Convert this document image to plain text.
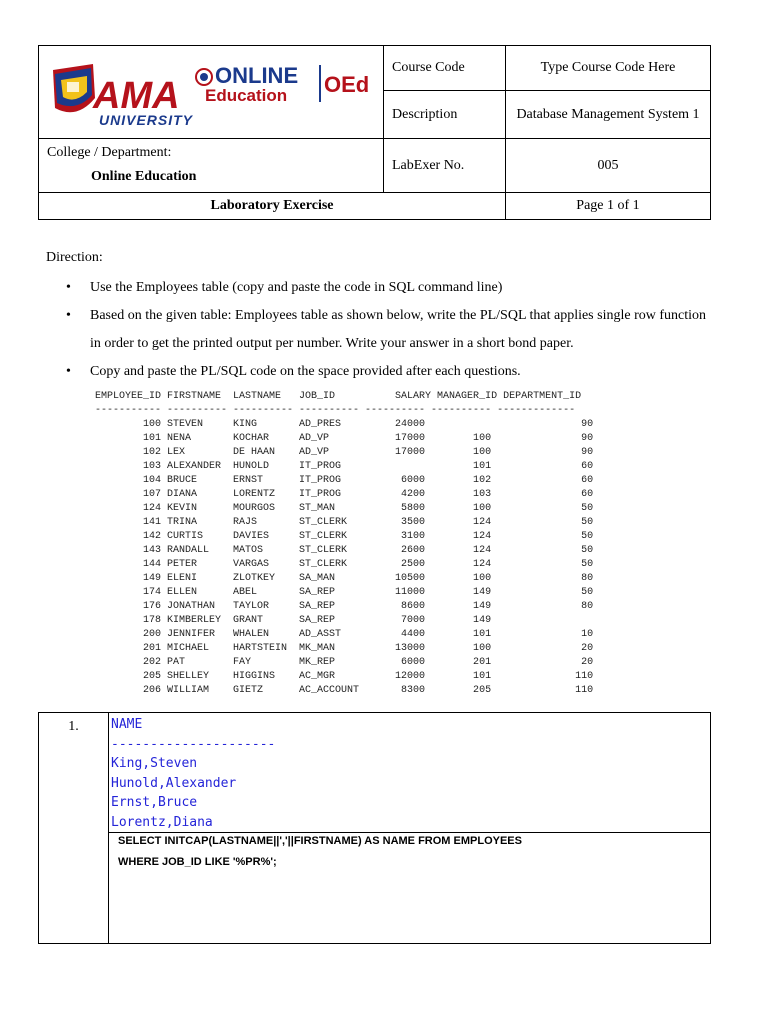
AMA
UNIVERSITY
ONLINE
Education OEd	Course Code	Type Course Code Here
	Description	Database Management System 1

College / Department:
Online Education	LabExer No.	005
Laboratory Exercise		Page 1 of 1
Direction:
• Use the Employees table (copy and paste the code in SQL command line)
• Based on the given table: Employees table as shown below, write the PL/SQL that applies single row function in order to get the printed output per number. Write your answer in a short bond paper.
• Copy and paste the PL/SQL code on the space provided after each questions.
EMPLOYEE_ID FIRSTNAME  LASTNAME   JOB_ID          SALARY MANAGER_ID DEPARTMENT_ID
----------- ---------- ---------- ---------- ---------- ---------- -------------
100 STEVEN     KING       AD_PRES         24000                          90
101 NENA       KOCHAR     AD_VP           17000        100               90
102 LEX        DE HAAN    AD_VP           17000        100               90
103 ALEXANDER  HUNOLD     IT_PROG                      101               60
104 BRUCE      ERNST      IT_PROG          6000        102               60
107 DIANA      LORENTZ    IT_PROG          4200        103               60
124 KEVIN      MOURGOS    ST_MAN           5800        100               50
141 TRINA      RAJS       ST_CLERK         3500        124               50
142 CURTIS     DAVIES     ST_CLERK         3100        124               50
143 RANDALL    MATOS      ST_CLERK         2600        124               50
144 PETER      VARGAS     ST_CLERK         2500        124               50
149 ELENI      ZLOTKEY    SA_MAN          10500        100               80
174 ELLEN      ABEL       SA_REP          11000        149               50
176 JONATHAN   TAYLOR     SA_REP           8600        149               80
178 KIMBERLEY  GRANT      SA_REP           7000        149
200 JENNIFER   WHALEN     AD_ASST          4400        101               10
201 MICHAEL    HARTSTEIN  MK_MAN          13000        100               20
202 PAT        FAY        MK_REP           6000        201               20
205 SHELLEY    HIGGINS    AC_MGR          12000        101              110
206 WILLIAM    GIETZ      AC_ACCOUNT       8300        205              110
1.	NAME
---------------------
King,Steven
Hunold,Alexander
Ernst,Bruce
Lorentz,Diana

SELECT INITCAP(LASTNAME||','||FIRSTNAME) AS NAME FROM EMPLOYEES
WHERE JOB_ID LIKE '%PR%';
